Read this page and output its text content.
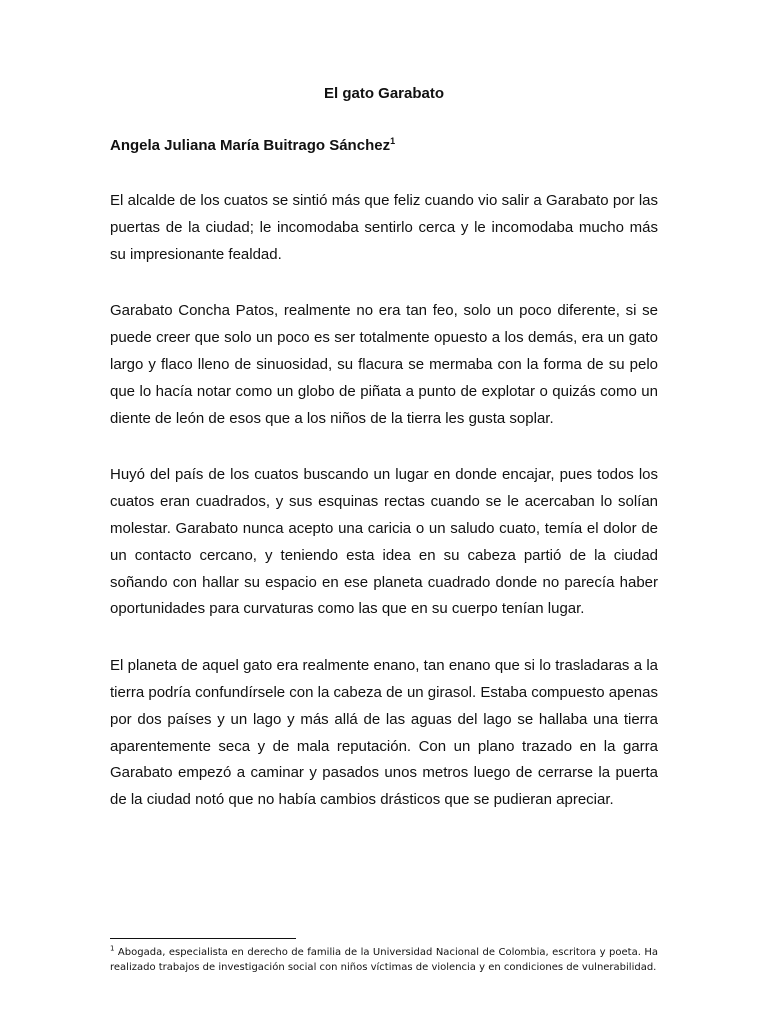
El gato Garabato

Angela Juliana María Buitrago Sánchez$^1$

El alcalde de los cuatos se sintió más que feliz cuando vio salir a Garabato por las puertas de la ciudad; le incomodaba sentirlo cerca y le incomodaba mucho más su impresionante fealdad.

Garabato Concha Patos, realmente no era tan feo, solo un poco diferente, si se puede creer que solo un poco es ser totalmente opuesto a los demás, era un gato largo y flaco lleno de sinuosidad, su flacura se mermaba con la forma de su pelo que lo hacía notar como un globo de piñata a punto de explotar o quizás como un diente de león de esos que a los niños de la tierra les gusta soplar.

Huyó del país de los cuatos buscando un lugar en donde encajar, pues todos los cuatos eran cuadrados, y sus esquinas rectas cuando se le acercaban lo solían molestar. Garabato nunca acepto una caricia o un saludo cuato, temía el dolor de un contacto cercano, y teniendo esta idea en su cabeza partió de la ciudad soñando con hallar su espacio en ese planeta cuadrado donde no parecía haber oportunidades para curvaturas como las que en su cuerpo tenían lugar.

El planeta de aquel gato era realmente enano, tan enano que si lo trasladaras a la tierra podría confundírsele con la cabeza de un girasol. Estaba compuesto apenas por dos países y un lago y más allá de las aguas del lago se hallaba una tierra aparentemente seca y de mala reputación. Con un plano trazado en la garra Garabato empezó a caminar y pasados unos metros luego de cerrarse la puerta de la ciudad notó que no había cambios drásticos que se pudieran apreciar.

$^1$ Abogada, especialista en derecho de familia de la Universidad Nacional de Colombia, escritora y poeta. Ha realizado trabajos de investigación social con niños víctimas de violencia y en condiciones de vulnerabilidad.
